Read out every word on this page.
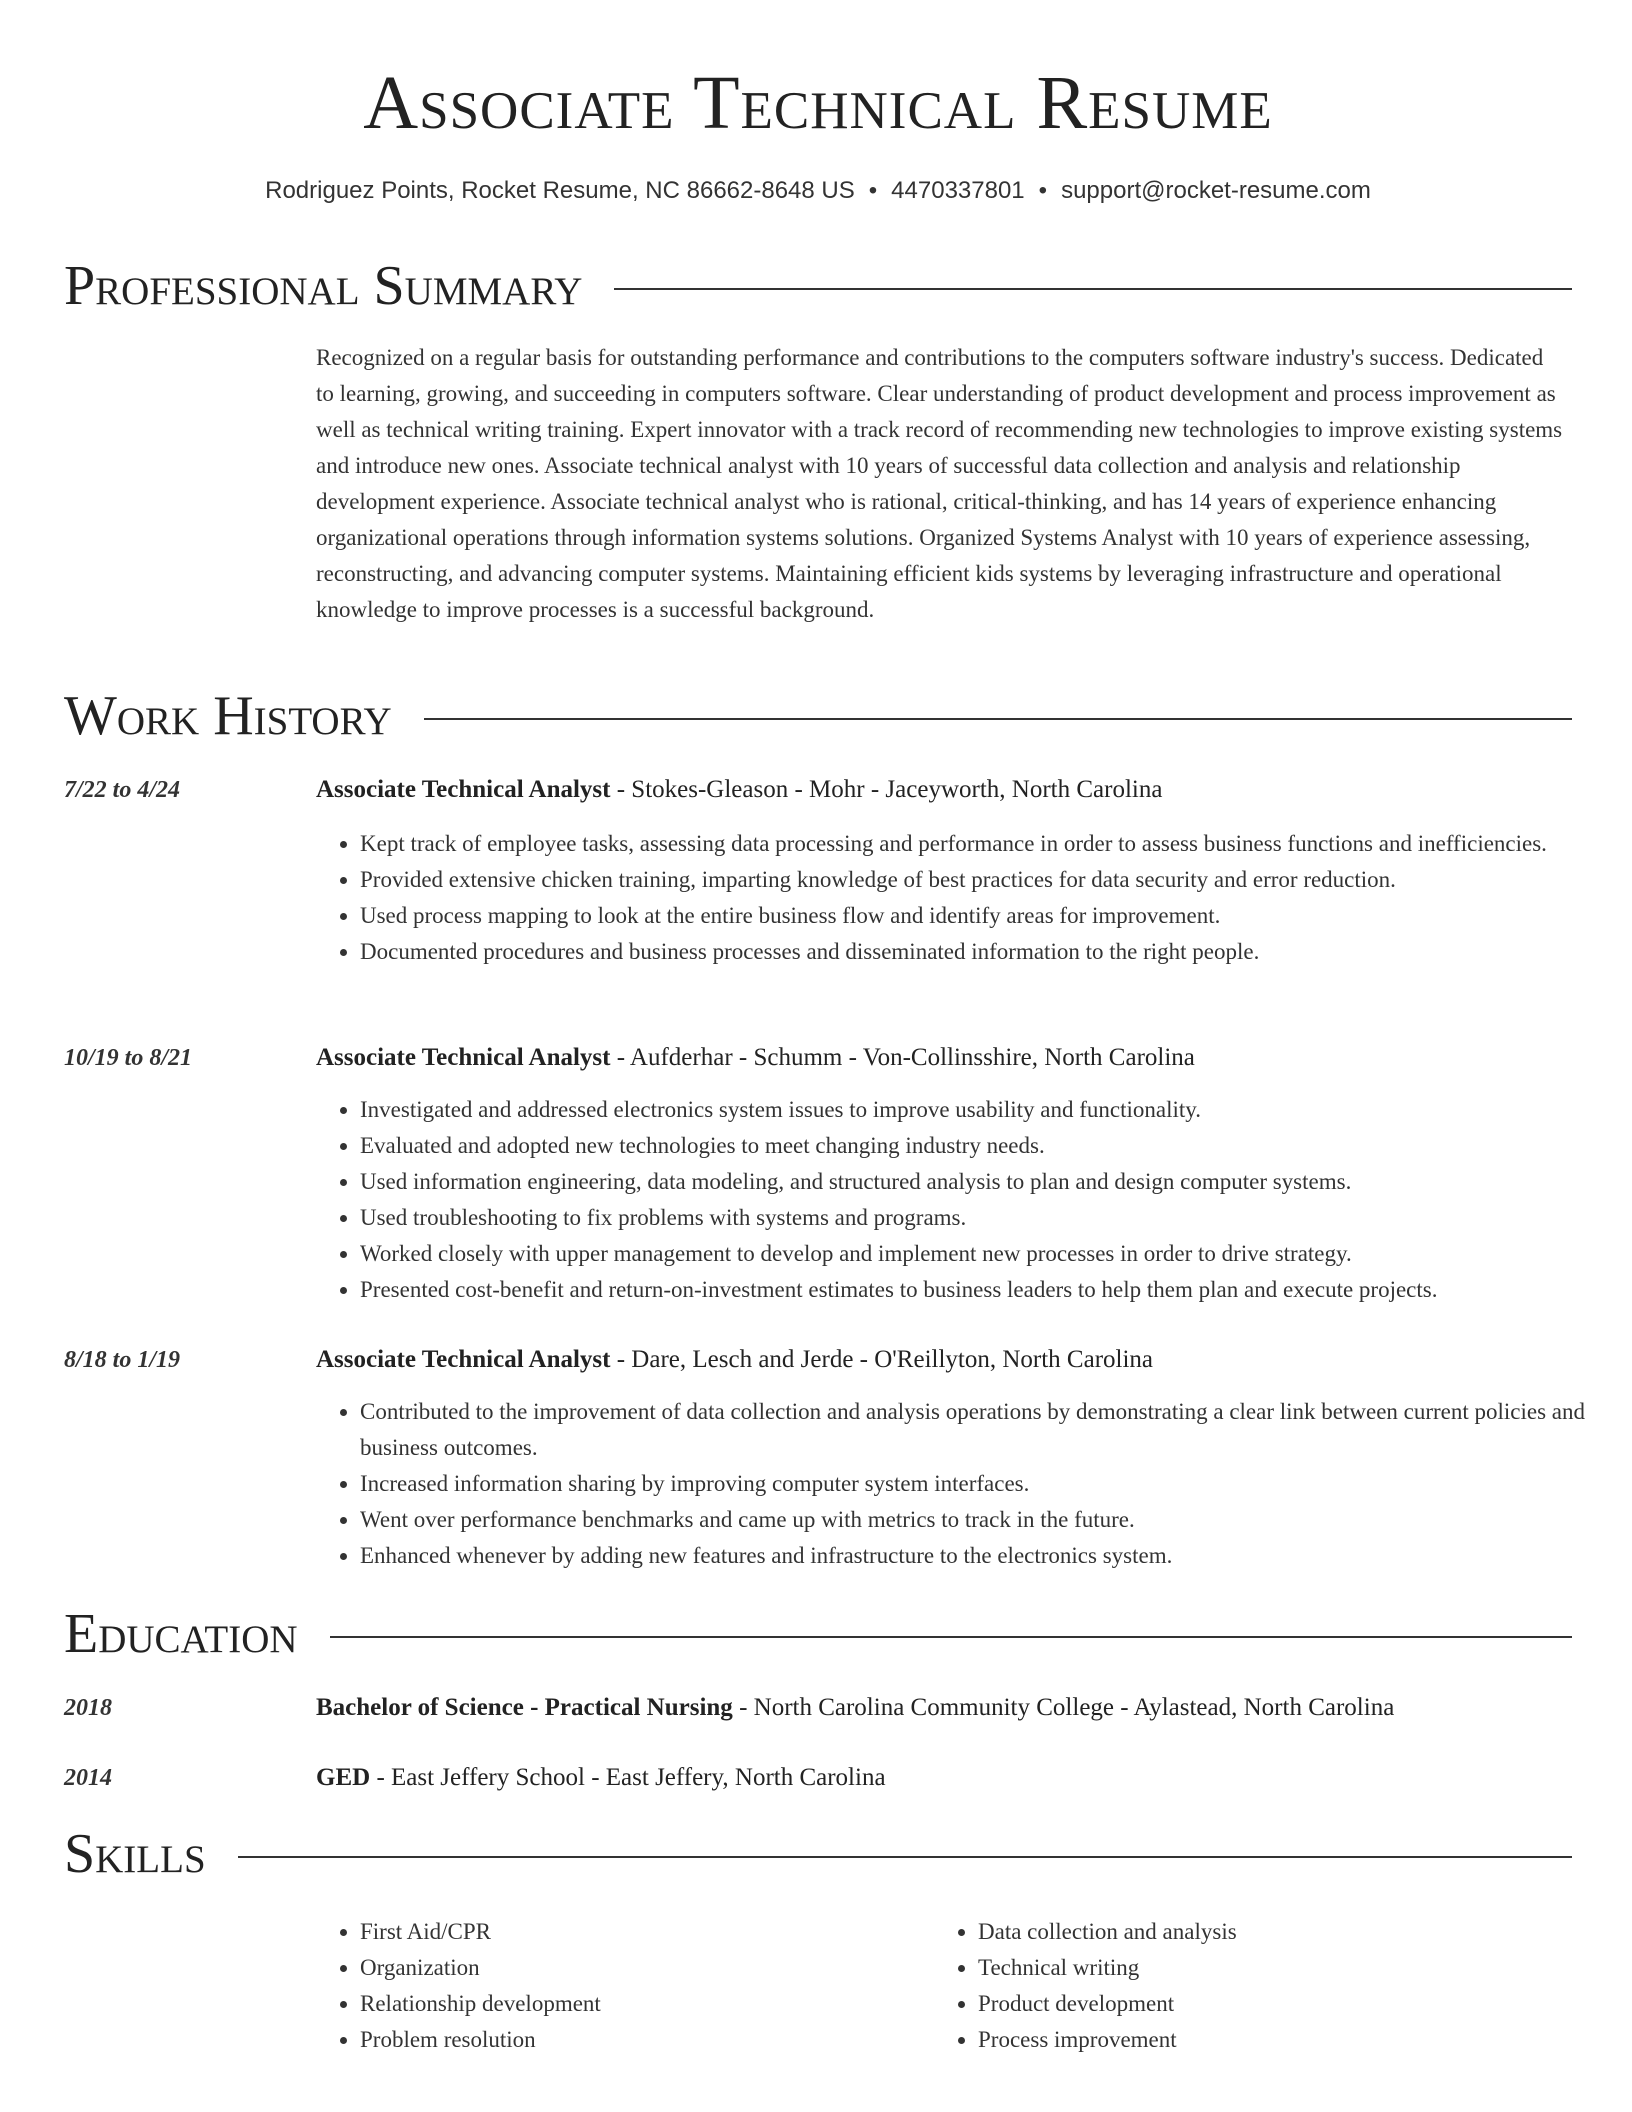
Associate Technical Resume
Rodriguez Points, Rocket Resume, NC 86662-8648 US • 4470337801 • support@rocket-resume.com
Professional Summary
Recognized on a regular basis for outstanding performance and contributions to the computers software industry's success. Dedicated to learning, growing, and succeeding in computers software. Clear understanding of product development and process improvement as well as technical writing training. Expert innovator with a track record of recommending new technologies to improve existing systems and introduce new ones. Associate technical analyst with 10 years of successful data collection and analysis and relationship development experience. Associate technical analyst who is rational, critical-thinking, and has 14 years of experience enhancing organizational operations through information systems solutions. Organized Systems Analyst with 10 years of experience assessing, reconstructing, and advancing computer systems. Maintaining efficient kids systems by leveraging infrastructure and operational knowledge to improve processes is a successful background.
Work History
7/22 to 4/24	Associate Technical Analyst - Stokes-Gleason - Mohr - Jaceyworth, North Carolina
• Kept track of employee tasks, assessing data processing and performance in order to assess business functions and inefficiencies.
• Provided extensive chicken training, imparting knowledge of best practices for data security and error reduction.
• Used process mapping to look at the entire business flow and identify areas for improvement.
• Documented procedures and business processes and disseminated information to the right people.
10/19 to 8/21	Associate Technical Analyst - Aufderhar - Schumm - Von-Collinsshire, North Carolina
• Investigated and addressed electronics system issues to improve usability and functionality.
• Evaluated and adopted new technologies to meet changing industry needs.
• Used information engineering, data modeling, and structured analysis to plan and design computer systems.
• Used troubleshooting to fix problems with systems and programs.
• Worked closely with upper management to develop and implement new processes in order to drive strategy.
• Presented cost-benefit and return-on-investment estimates to business leaders to help them plan and execute projects.
8/18 to 1/19	Associate Technical Analyst - Dare, Lesch and Jerde - O'Reillyton, North Carolina
• Contributed to the improvement of data collection and analysis operations by demonstrating a clear link between current policies and business outcomes.
• Increased information sharing by improving computer system interfaces.
• Went over performance benchmarks and came up with metrics to track in the future.
• Enhanced whenever by adding new features and infrastructure to the electronics system.
Education
2018	Bachelor of Science - Practical Nursing - North Carolina Community College - Aylastead, North Carolina
2014	GED - East Jeffery School - East Jeffery, North Carolina
Skills
• First Aid/CPR
• Organization
• Relationship development
• Problem resolution
• Data collection and analysis
• Technical writing
• Product development
• Process improvement
